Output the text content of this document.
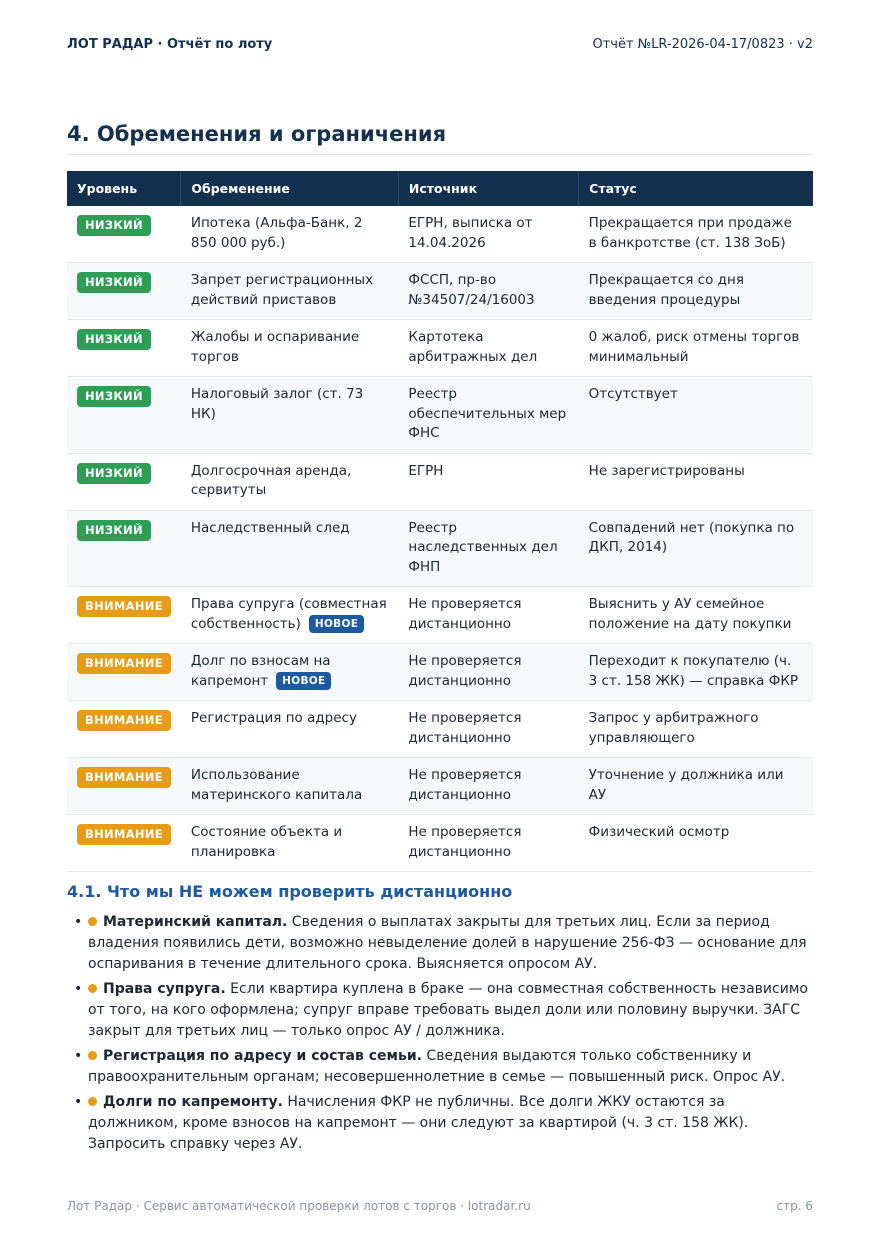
ЛОТ РАДАР · Отчёт по лоту	Отчёт №LR-2026-04-17/0823 · v2
4. Обременения и ограничения
Уровень	Обременение	Источник	Статус
НИЗКИЙ	Ипотека (Альфа-Банк, 2 850 000 руб.)	ЕГРН, выписка от 14.04.2026	Прекращается при продаже в банкротстве (ст. 138 ЗоБ)
НИЗКИЙ	Запрет регистрационных действий приставов	ФССП, пр-во №34507/24/16003	Прекращается со дня введения процедуры
НИЗКИЙ	Жалобы и оспаривание торгов	Картотека арбитражных дел	0 жалоб, риск отмены торгов минимальный
НИЗКИЙ	Налоговый залог (ст. 73 НК)	Реестр обеспечительных мер ФНС	Отсутствует
НИЗКИЙ	Долгосрочная аренда, сервитуты	ЕГРН	Не зарегистрированы
НИЗКИЙ	Наследственный след	Реестр наследственных дел ФНП	Совпадений нет (покупка по ДКП, 2014)
ВНИМАНИЕ	Права супруга (совместная собственность) НОВОЕ	Не проверяется дистанционно	Выяснить у АУ семейное положение на дату покупки
ВНИМАНИЕ	Долг по взносам на капремонт НОВОЕ	Не проверяется дистанционно	Переходит к покупателю (ч. 3 ст. 158 ЖК) — справка ФКР
ВНИМАНИЕ	Регистрация по адресу	Не проверяется дистанционно	Запрос у арбитражного управляющего
ВНИМАНИЕ	Использование материнского капитала	Не проверяется дистанционно	Уточнение у должника или АУ
ВНИМАНИЕ	Состояние объекта и планировка	Не проверяется дистанционно	Физический осмотр
4.1. Что мы НЕ можем проверить дистанционно
• Материнский капитал. Сведения о выплатах закрыты для третьих лиц. Если за период владения появились дети, возможно невыделение долей в нарушение 256-ФЗ — основание для оспаривания в течение длительного срока. Выясняется опросом АУ.
• Права супруга. Если квартира куплена в браке — она совместная собственность независимо от того, на кого оформлена; супруг вправе требовать выдел доли или половину выручки. ЗАГС закрыт для третьих лиц — только опрос АУ / должника.
• Регистрация по адресу и состав семьи. Сведения выдаются только собственнику и правоохранительным органам; несовершеннолетние в семье — повышенный риск. Опрос АУ.
• Долги по капремонту. Начисления ФКР не публичны. Все долги ЖКУ остаются за должником, кроме взносов на капремонт — они следуют за квартирой (ч. 3 ст. 158 ЖК). Запросить справку через АУ.
Лот Радар · Сервис автоматической проверки лотов с торгов · lotradar.ru	стр. 6
